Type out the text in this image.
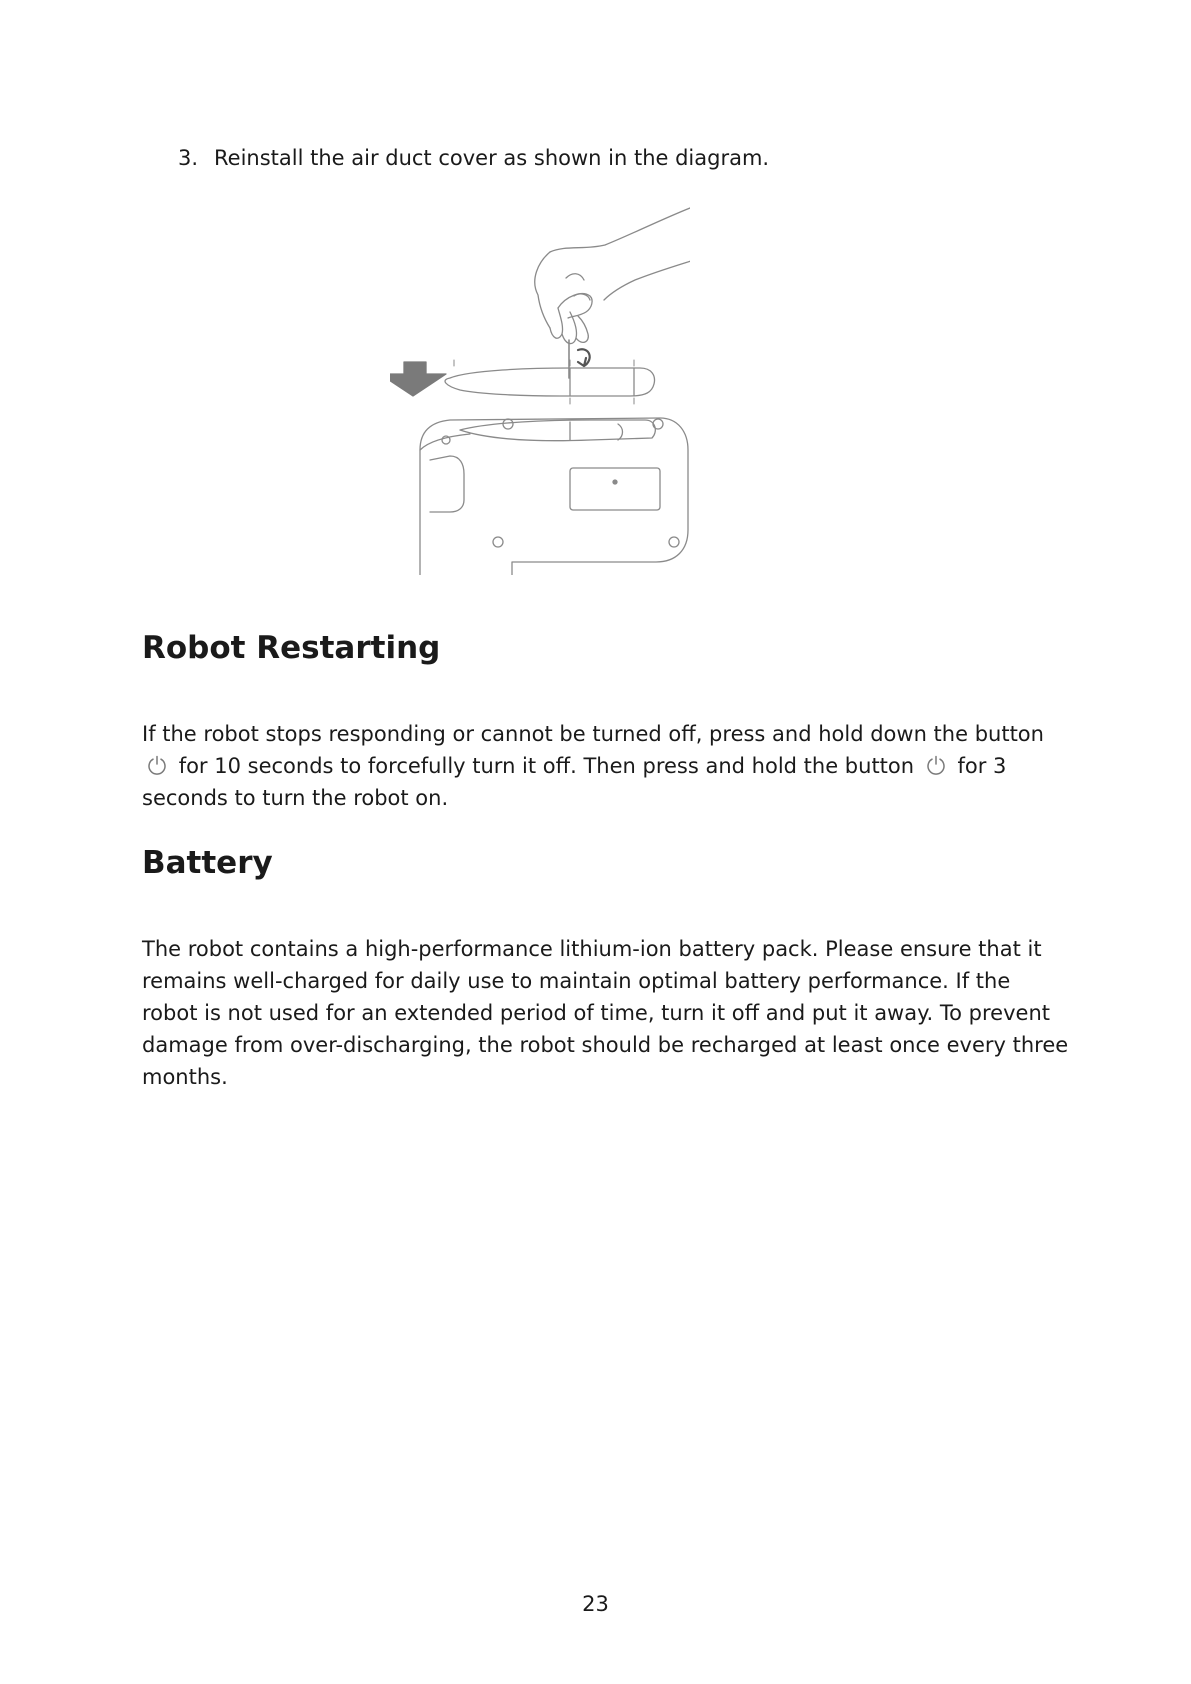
3. Reinstall the air duct cover as shown in the diagram.
Robot Restarting

If the robot stops responding or cannot be turned off, press and hold down the button  for 10 seconds to forcefully turn it off. Then press and hold the button for 3 seconds to turn the robot on.

Battery

The robot contains a high-performance lithium-ion battery pack. Please ensure that it remains well-charged for daily use to maintain optimal battery performance. If the robot is not used for an extended period of time, turn it off and put it away. To prevent damage from over-discharging, the robot should be recharged at least once every three months.

23
